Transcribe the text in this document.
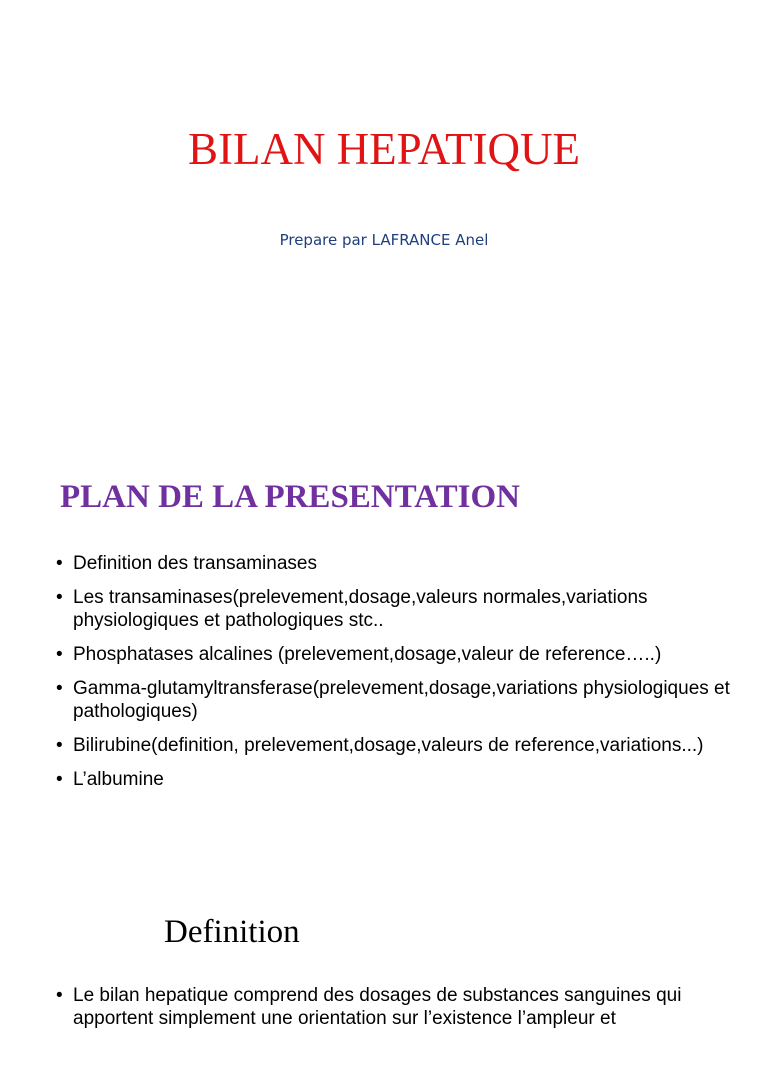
BILAN HEPATIQUE
Prepare par LAFRANCE Anel
PLAN DE LA PRESENTATION
• Definition des transaminases
• Les transaminases(prelevement,dosage,valeurs normales,variations physiologiques et pathologiques stc..
• Phosphatases alcalines (prelevement,dosage,valeur de reference…..)
• Gamma-glutamyltransferase(prelevement,dosage,variations physiologiques et pathologiques)
• Bilirubine(definition, prelevement,dosage,valeurs de reference,variations...)
• L’albumine
Definition
• Le bilan hepatique comprend des dosages de substances sanguines qui apportent simplement une orientation sur l’existence l’ampleur et
